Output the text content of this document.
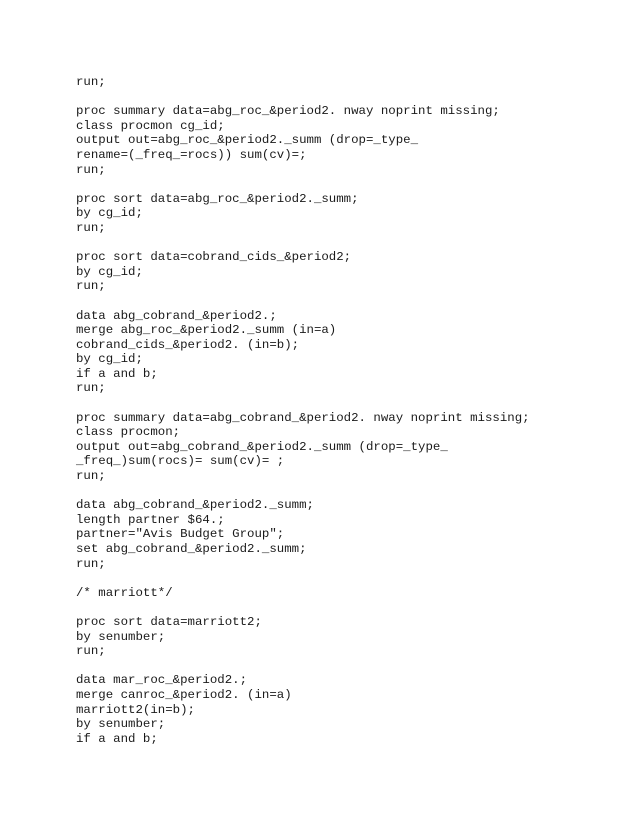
run;
proc summary data=abg_roc_&period2. nway noprint missing;
class procmon cg_id;
output out=abg_roc_&period2._summ (drop=_type_
rename=(_freq_=rocs)) sum(cv)=;
run;
proc sort data=abg_roc_&period2._summ;
by cg_id;
run;
proc sort data=cobrand_cids_&period2;
by cg_id;
run;
data abg_cobrand_&period2.;
merge abg_roc_&period2._summ (in=a)
cobrand_cids_&period2. (in=b);
by cg_id;
if a and b;
run;
proc summary data=abg_cobrand_&period2. nway noprint missing;
class procmon;
output out=abg_cobrand_&period2._summ (drop=_type_
_freq_)sum(rocs)= sum(cv)= ;
run;
data abg_cobrand_&period2._summ;
length partner $64.;
partner="Avis Budget Group";
set abg_cobrand_&period2._summ;
run;
/* marriott*/
proc sort data=marriott2;
by senumber;
run;
data mar_roc_&period2.;
merge canroc_&period2. (in=a)
marriott2(in=b);
by senumber;
if a and b;
